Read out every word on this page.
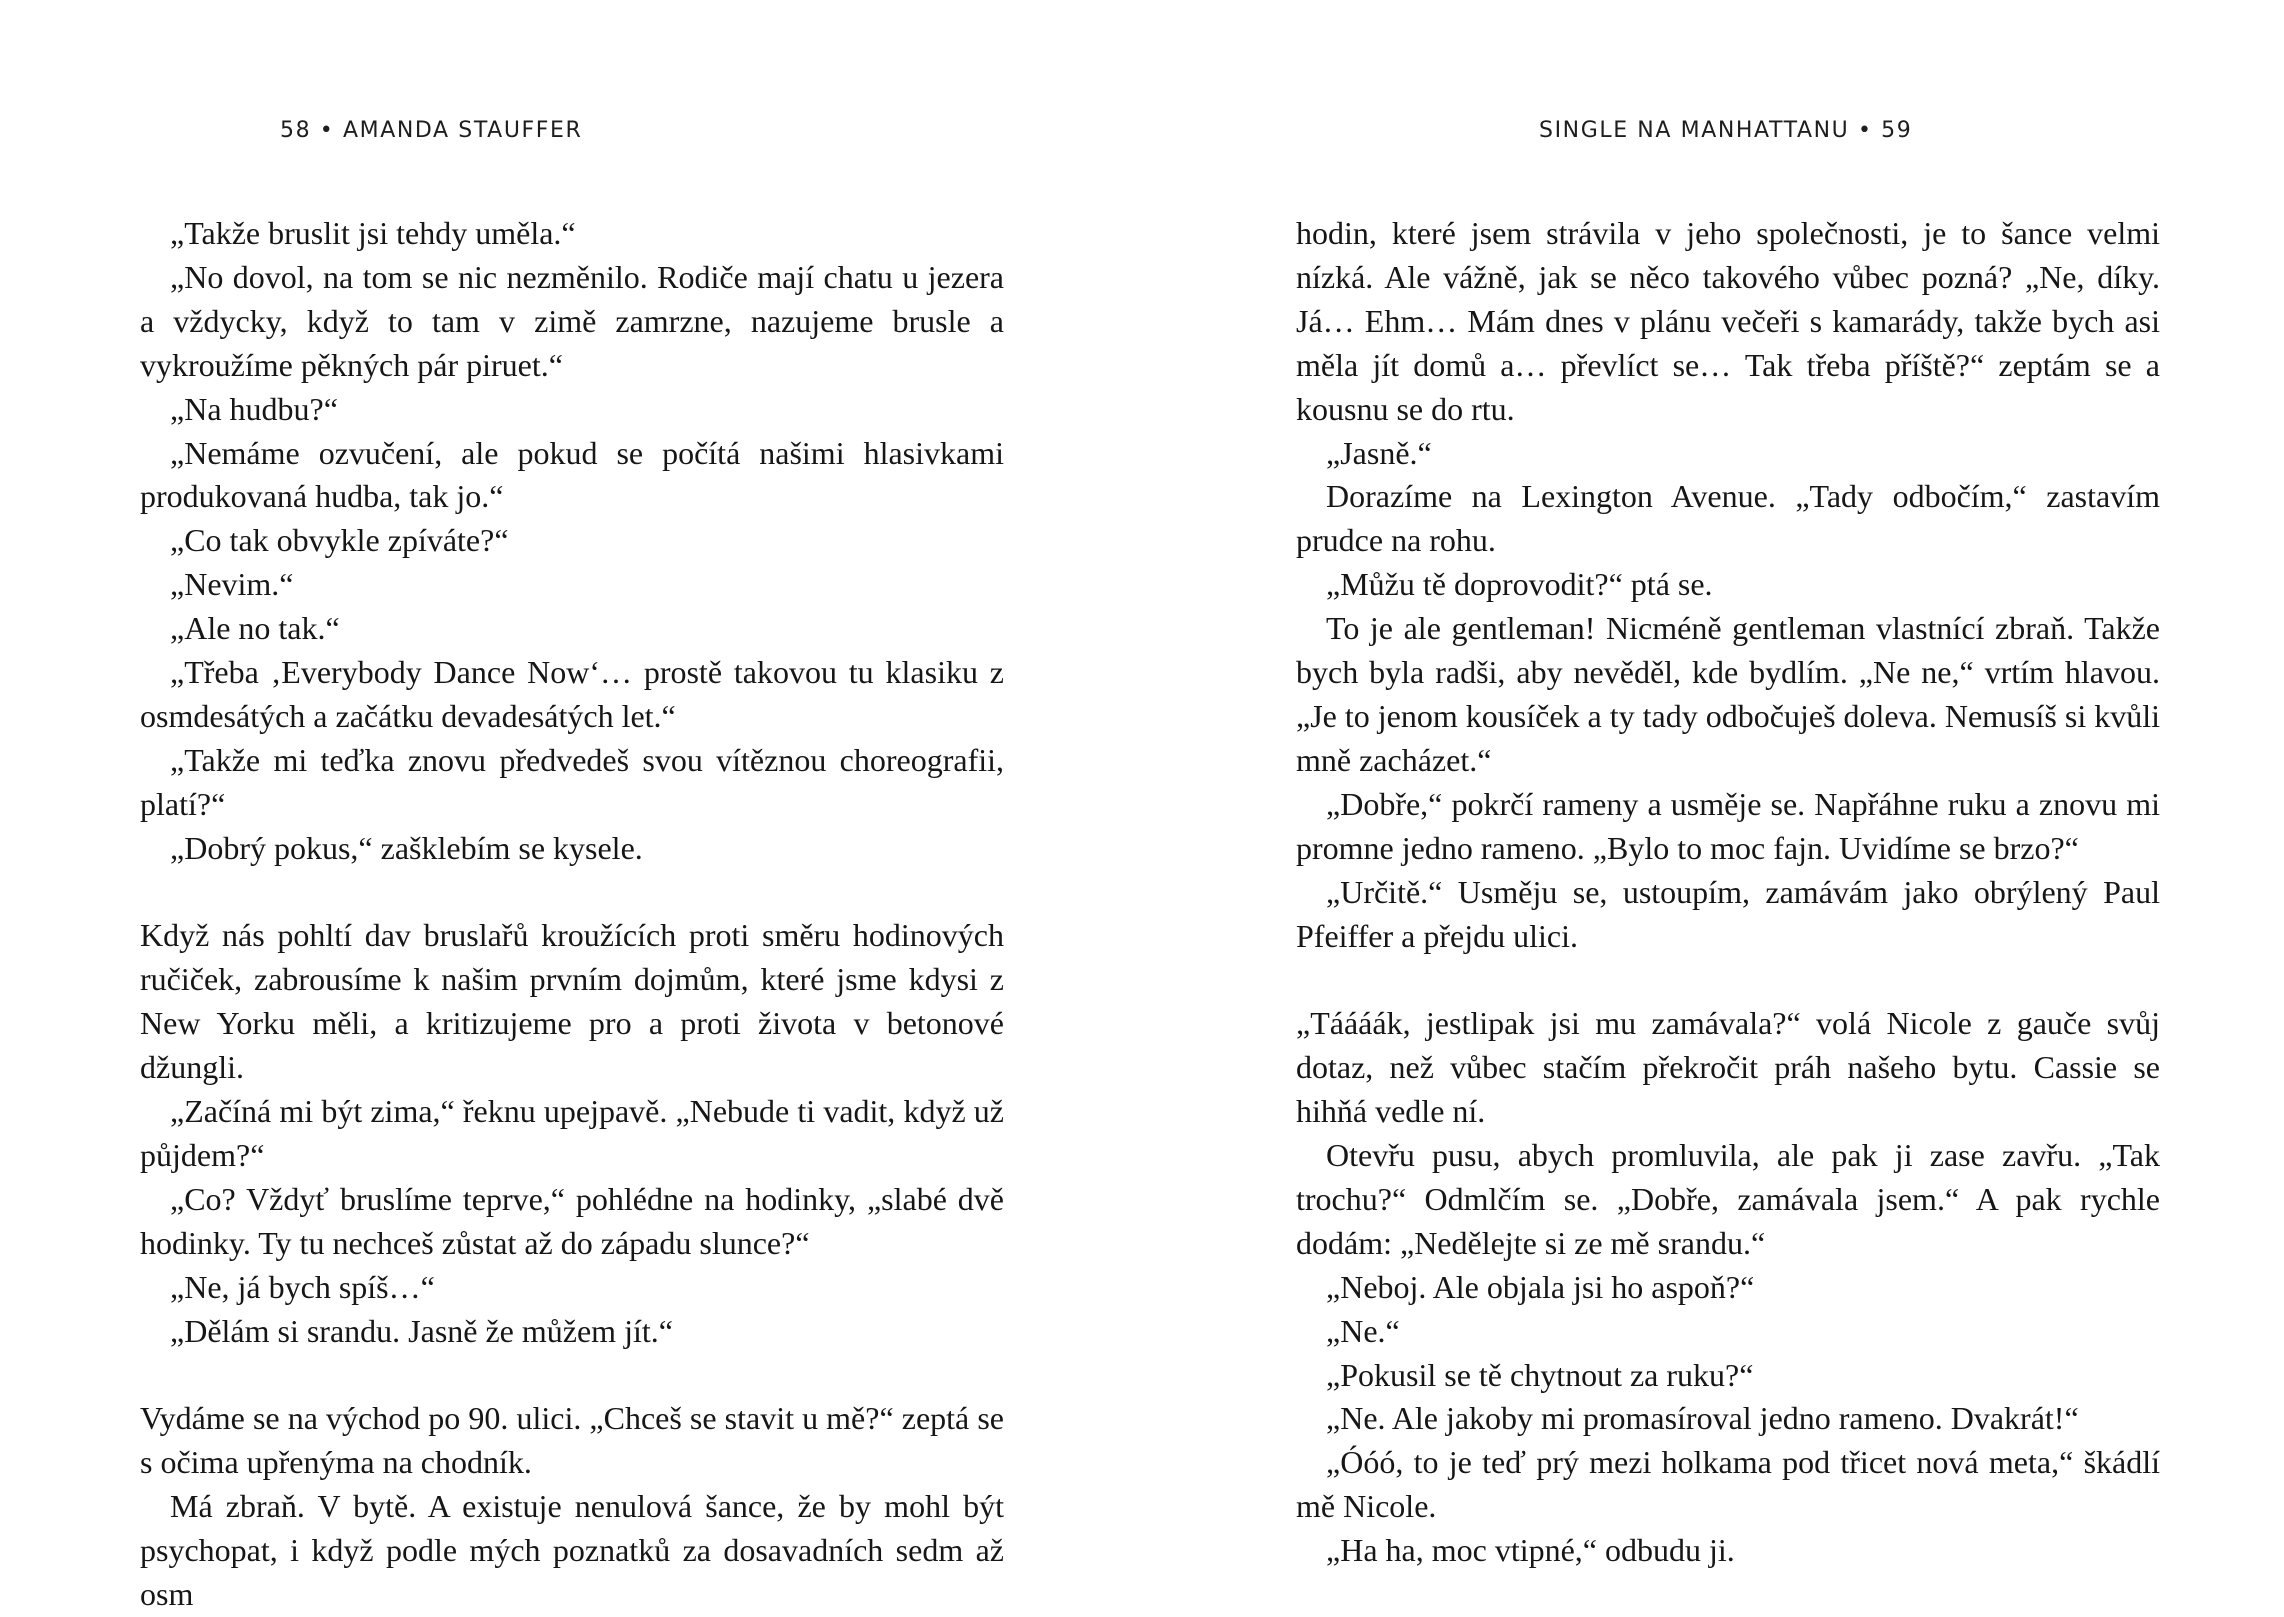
58 • AMANDA STAUFFER	SINGLE NA MANHATTANU • 59

„Takže bruslit jsi tehdy uměla.“

„No dovol, na tom se nic nezměnilo. Rodiče mají chatu u jezera a vždycky, když to tam v zimě zamrzne, nazujeme brusle a vykroužíme pěkných pár piruet.“

„Na hudbu?“

„Nemáme ozvučení, ale pokud se počítá našimi hlasivkami produkovaná hudba, tak jo.“

„Co tak obvykle zpíváte?“

„Nevim.“

„Ale no tak.“

„Třeba ‚Everybody Dance Now‘… prostě takovou tu klasiku z osmdesátých a začátku devadesátých let.“

„Takže mi teďka znovu předvedeš svou vítěznou choreografii, platí?“

„Dobrý pokus,“ zašklebím se kysele.

Když nás pohltí dav bruslařů kroužících proti směru hodinových ručiček, zabrousíme k našim prvním dojmům, které jsme kdysi z New Yorku měli, a kritizujeme pro a proti života v betonové džungli.

„Začíná mi být zima,“ řeknu upejpavě. „Nebude ti vadit, když už půjdem?“

„Co? Vždyť bruslíme teprve,“ pohlédne na hodinky, „slabé dvě hodinky. Ty tu nechceš zůstat až do západu slunce?“

„Ne, já bych spíš…“

„Dělám si srandu. Jasně že můžem jít.“

Vydáme se na východ po 90. ulici. „Chceš se stavit u mě?“ zeptá se s očima upřenýma na chodník.

Má zbraň. V bytě. A existuje nenulová šance, že by mohl být psychopat, i když podle mých poznatků za dosavadních sedm až osm

hodin, které jsem strávila v jeho společnosti, je to šance velmi nízká. Ale vážně, jak se něco takového vůbec pozná? „Ne, díky. Já… Ehm… Mám dnes v plánu večeři s kamarády, takže bych asi měla jít domů a… převlíct se… Tak třeba příště?“ zeptám se a kousnu se do rtu.

„Jasně.“

Dorazíme na Lexington Avenue. „Tady odbočím,“ zastavím prudce na rohu.

„Můžu tě doprovodit?“ ptá se.

To je ale gentleman! Nicméně gentleman vlastnící zbraň. Takže bych byla radši, aby nevěděl, kde bydlím. „Ne ne,“ vrtím hlavou. „Je to jenom kousíček a ty tady odbočuješ doleva. Nemusíš si kvůli mně zacházet.“

„Dobře,“ pokrčí rameny a usměje se. Napřáhne ruku a znovu mi promne jedno rameno. „Bylo to moc fajn. Uvidíme se brzo?“

„Určitě.“ Usměju se, ustoupím, zamávám jako obrýlený Paul Pfeiffer a přejdu ulici.

„Táááák, jestlipak jsi mu zamávala?“ volá Nicole z gauče svůj dotaz, než vůbec stačím překročit práh našeho bytu. Cassie se hihňá vedle ní.

Otevřu pusu, abych promluvila, ale pak ji zase zavřu. „Tak trochu?“ Odmlčím se. „Dobře, zamávala jsem.“ A pak rychle dodám: „Nedělejte si ze mě srandu.“

„Neboj. Ale objala jsi ho aspoň?“

„Ne.“

„Pokusil se tě chytnout za ruku?“

„Ne. Ale jakoby mi promasíroval jedno rameno. Dvakrát!“

„Óóó, to je teď prý mezi holkama pod třicet nová meta,“ škádlí mě Nicole.

„Ha ha, moc vtipné,“ odbudu ji.
